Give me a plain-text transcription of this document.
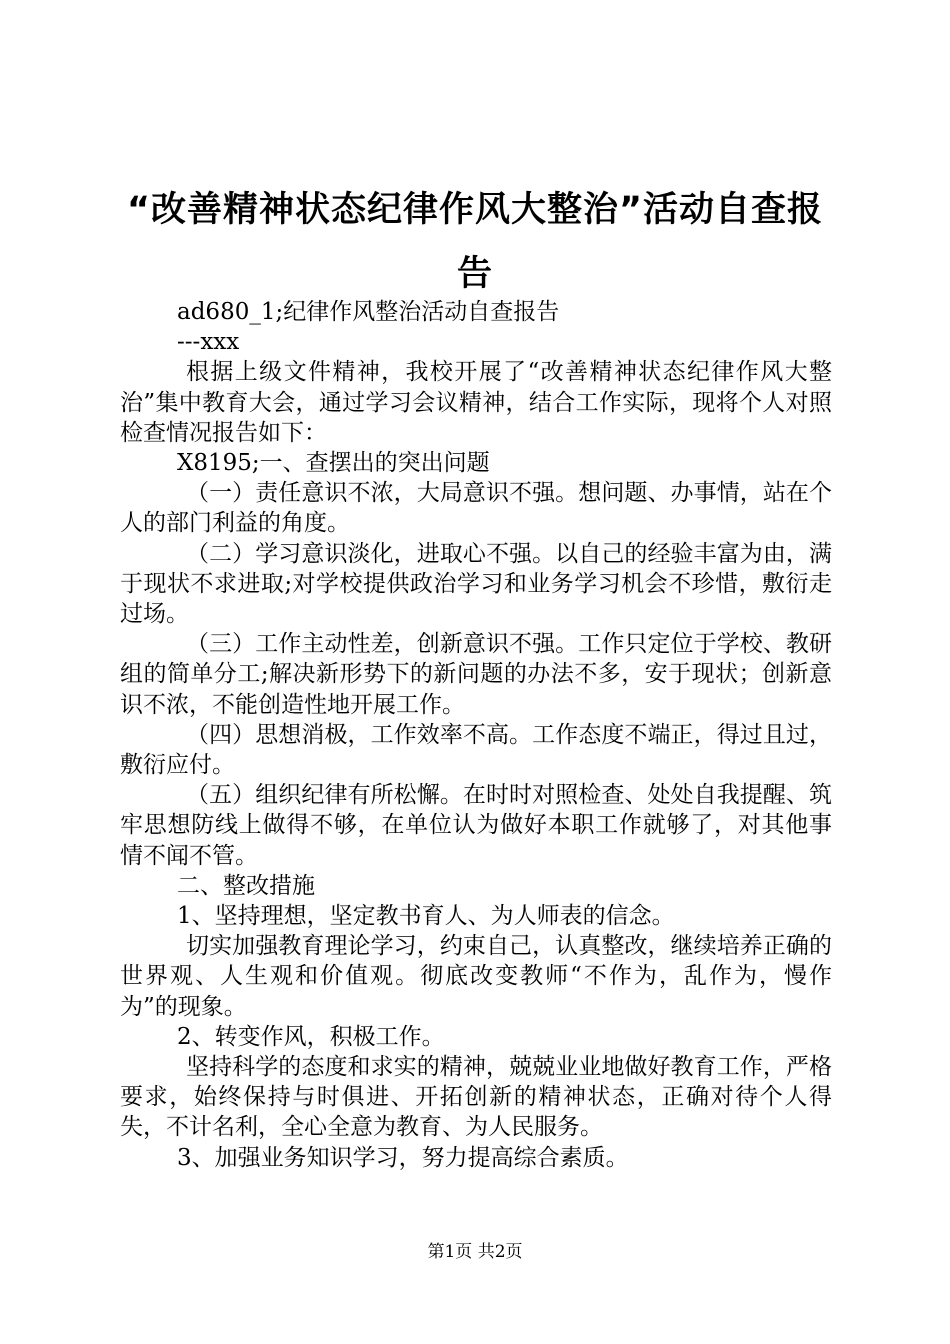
“改善精神状态纪律作风大整治”活动自查报告

ad680_1;纪律作风整治活动自查报告

---xxx

根据上级文件精神，我校开展了“改善精神状态纪律作风大整治”集中教育大会，通过学习会议精神，结合工作实际，现将个人对照检查情况报告如下：

X8195;一、查摆出的突出问题

（一）责任意识不浓，大局意识不强。想问题、办事情，站在个人的部门利益的角度。

（二）学习意识淡化，进取心不强。以自己的经验丰富为由，满于现状不求进取;对学校提供政治学习和业务学习机会不珍惜，敷衍走过场。

（三）工作主动性差，创新意识不强。工作只定位于学校、教研组的简单分工;解决新形势下的新问题的办法不多，安于现状；创新意识不浓，不能创造性地开展工作。

（四）思想消极，工作效率不高。工作态度不端正，得过且过，敷衍应付。

（五）组织纪律有所松懈。在时时对照检查、处处自我提醒、筑牢思想防线上做得不够，在单位认为做好本职工作就够了，对其他事情不闻不管。

二、整改措施

1、坚持理想，坚定教书育人、为人师表的信念。

切实加强教育理论学习，约束自己，认真整改，继续培养正确的世界观、人生观和价值观。彻底改变教师“不作为，乱作为，慢作为”的现象。

2、转变作风，积极工作。

坚持科学的态度和求实的精神，兢兢业业地做好教育工作，严格要求，始终保持与时俱进、开拓创新的精神状态，正确对待个人得失，不计名利，全心全意为教育、为人民服务。

3、加强业务知识学习，努力提高综合素质。

第1页 共2页
